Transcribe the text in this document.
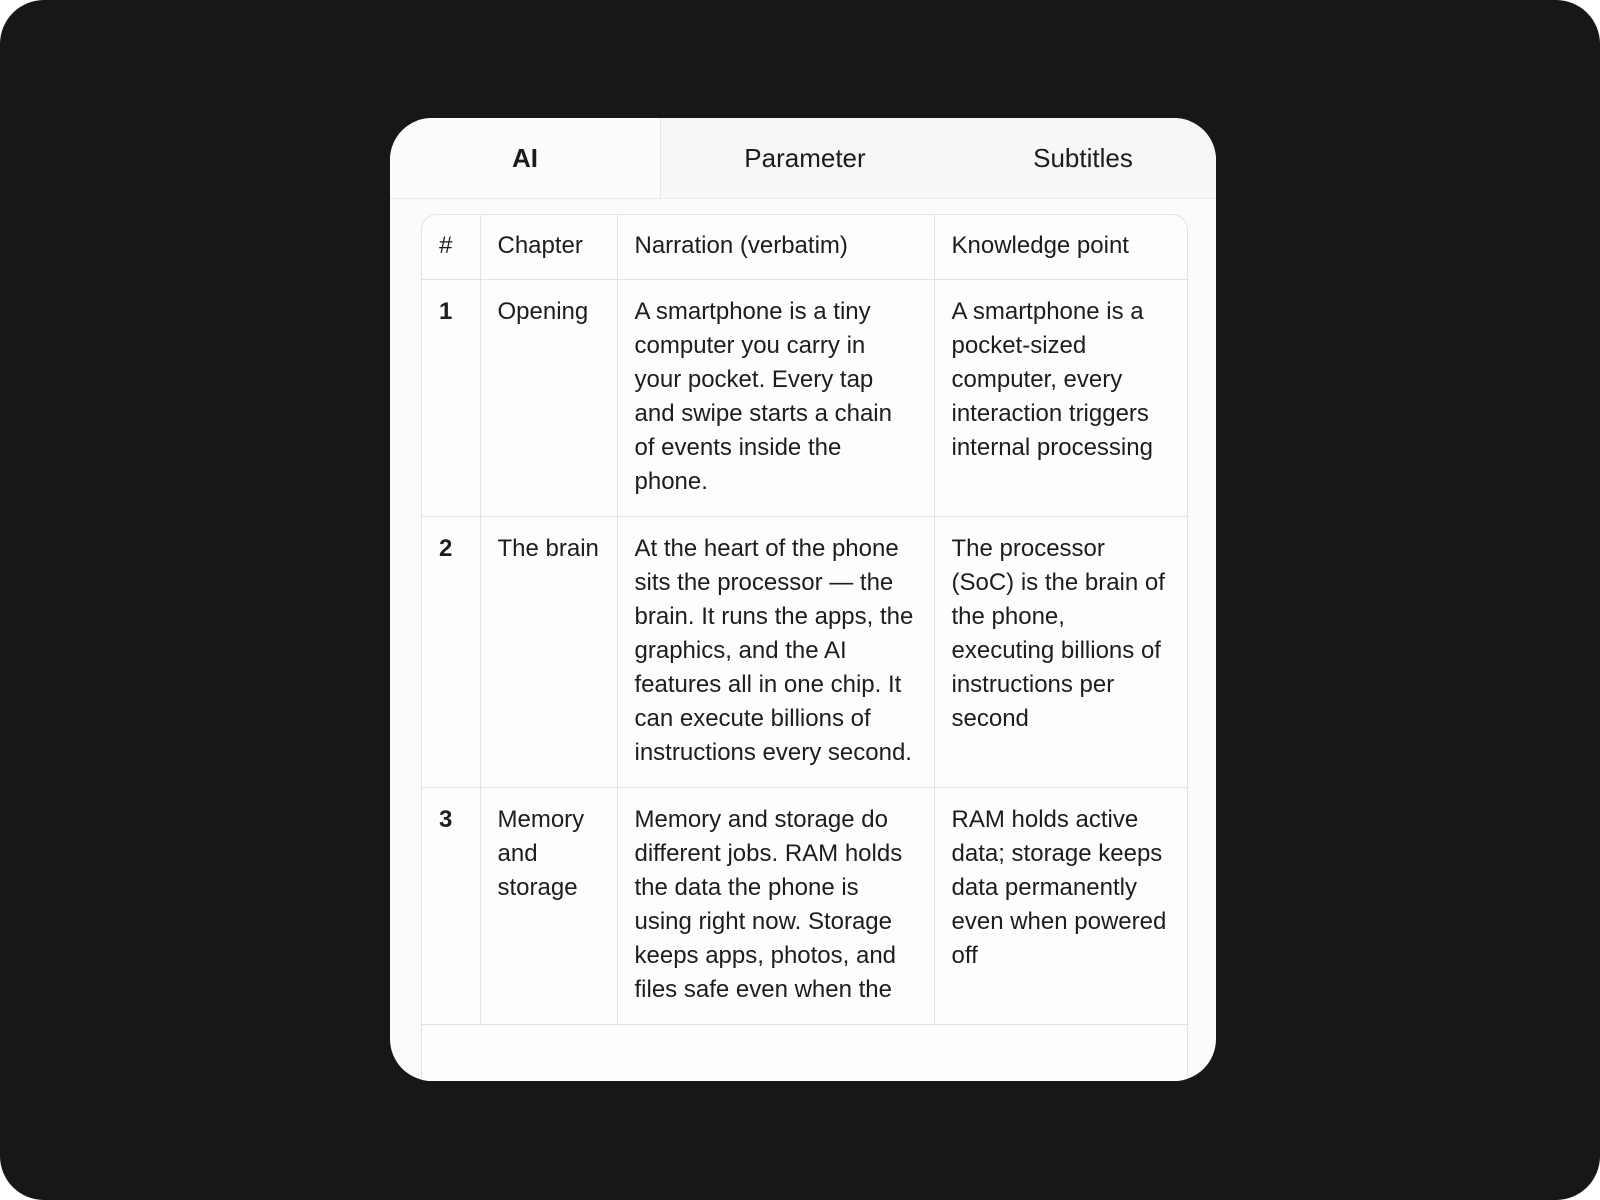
AI	Parameter	Subtitles
#	Chapter	Narration (verbatim)	Knowledge point
1	Opening	A smartphone is a tiny computer you carry in your pocket. Every tap and swipe starts a chain of events inside the phone.	A smartphone is a pocket-sized computer, every interaction triggers internal processing
2	The brain	At the heart of the phone sits the processor — the brain. It runs the apps, the graphics, and the AI features all in one chip. It can execute billions of instructions every second.	The processor (SoC) is the brain of the phone, executing billions of instructions per second
3	Memory and storage	Memory and storage do different jobs. RAM holds the data the phone is using right now. Storage keeps apps, photos, and files safe even when the	RAM holds active data; storage keeps data permanently even when powered off
